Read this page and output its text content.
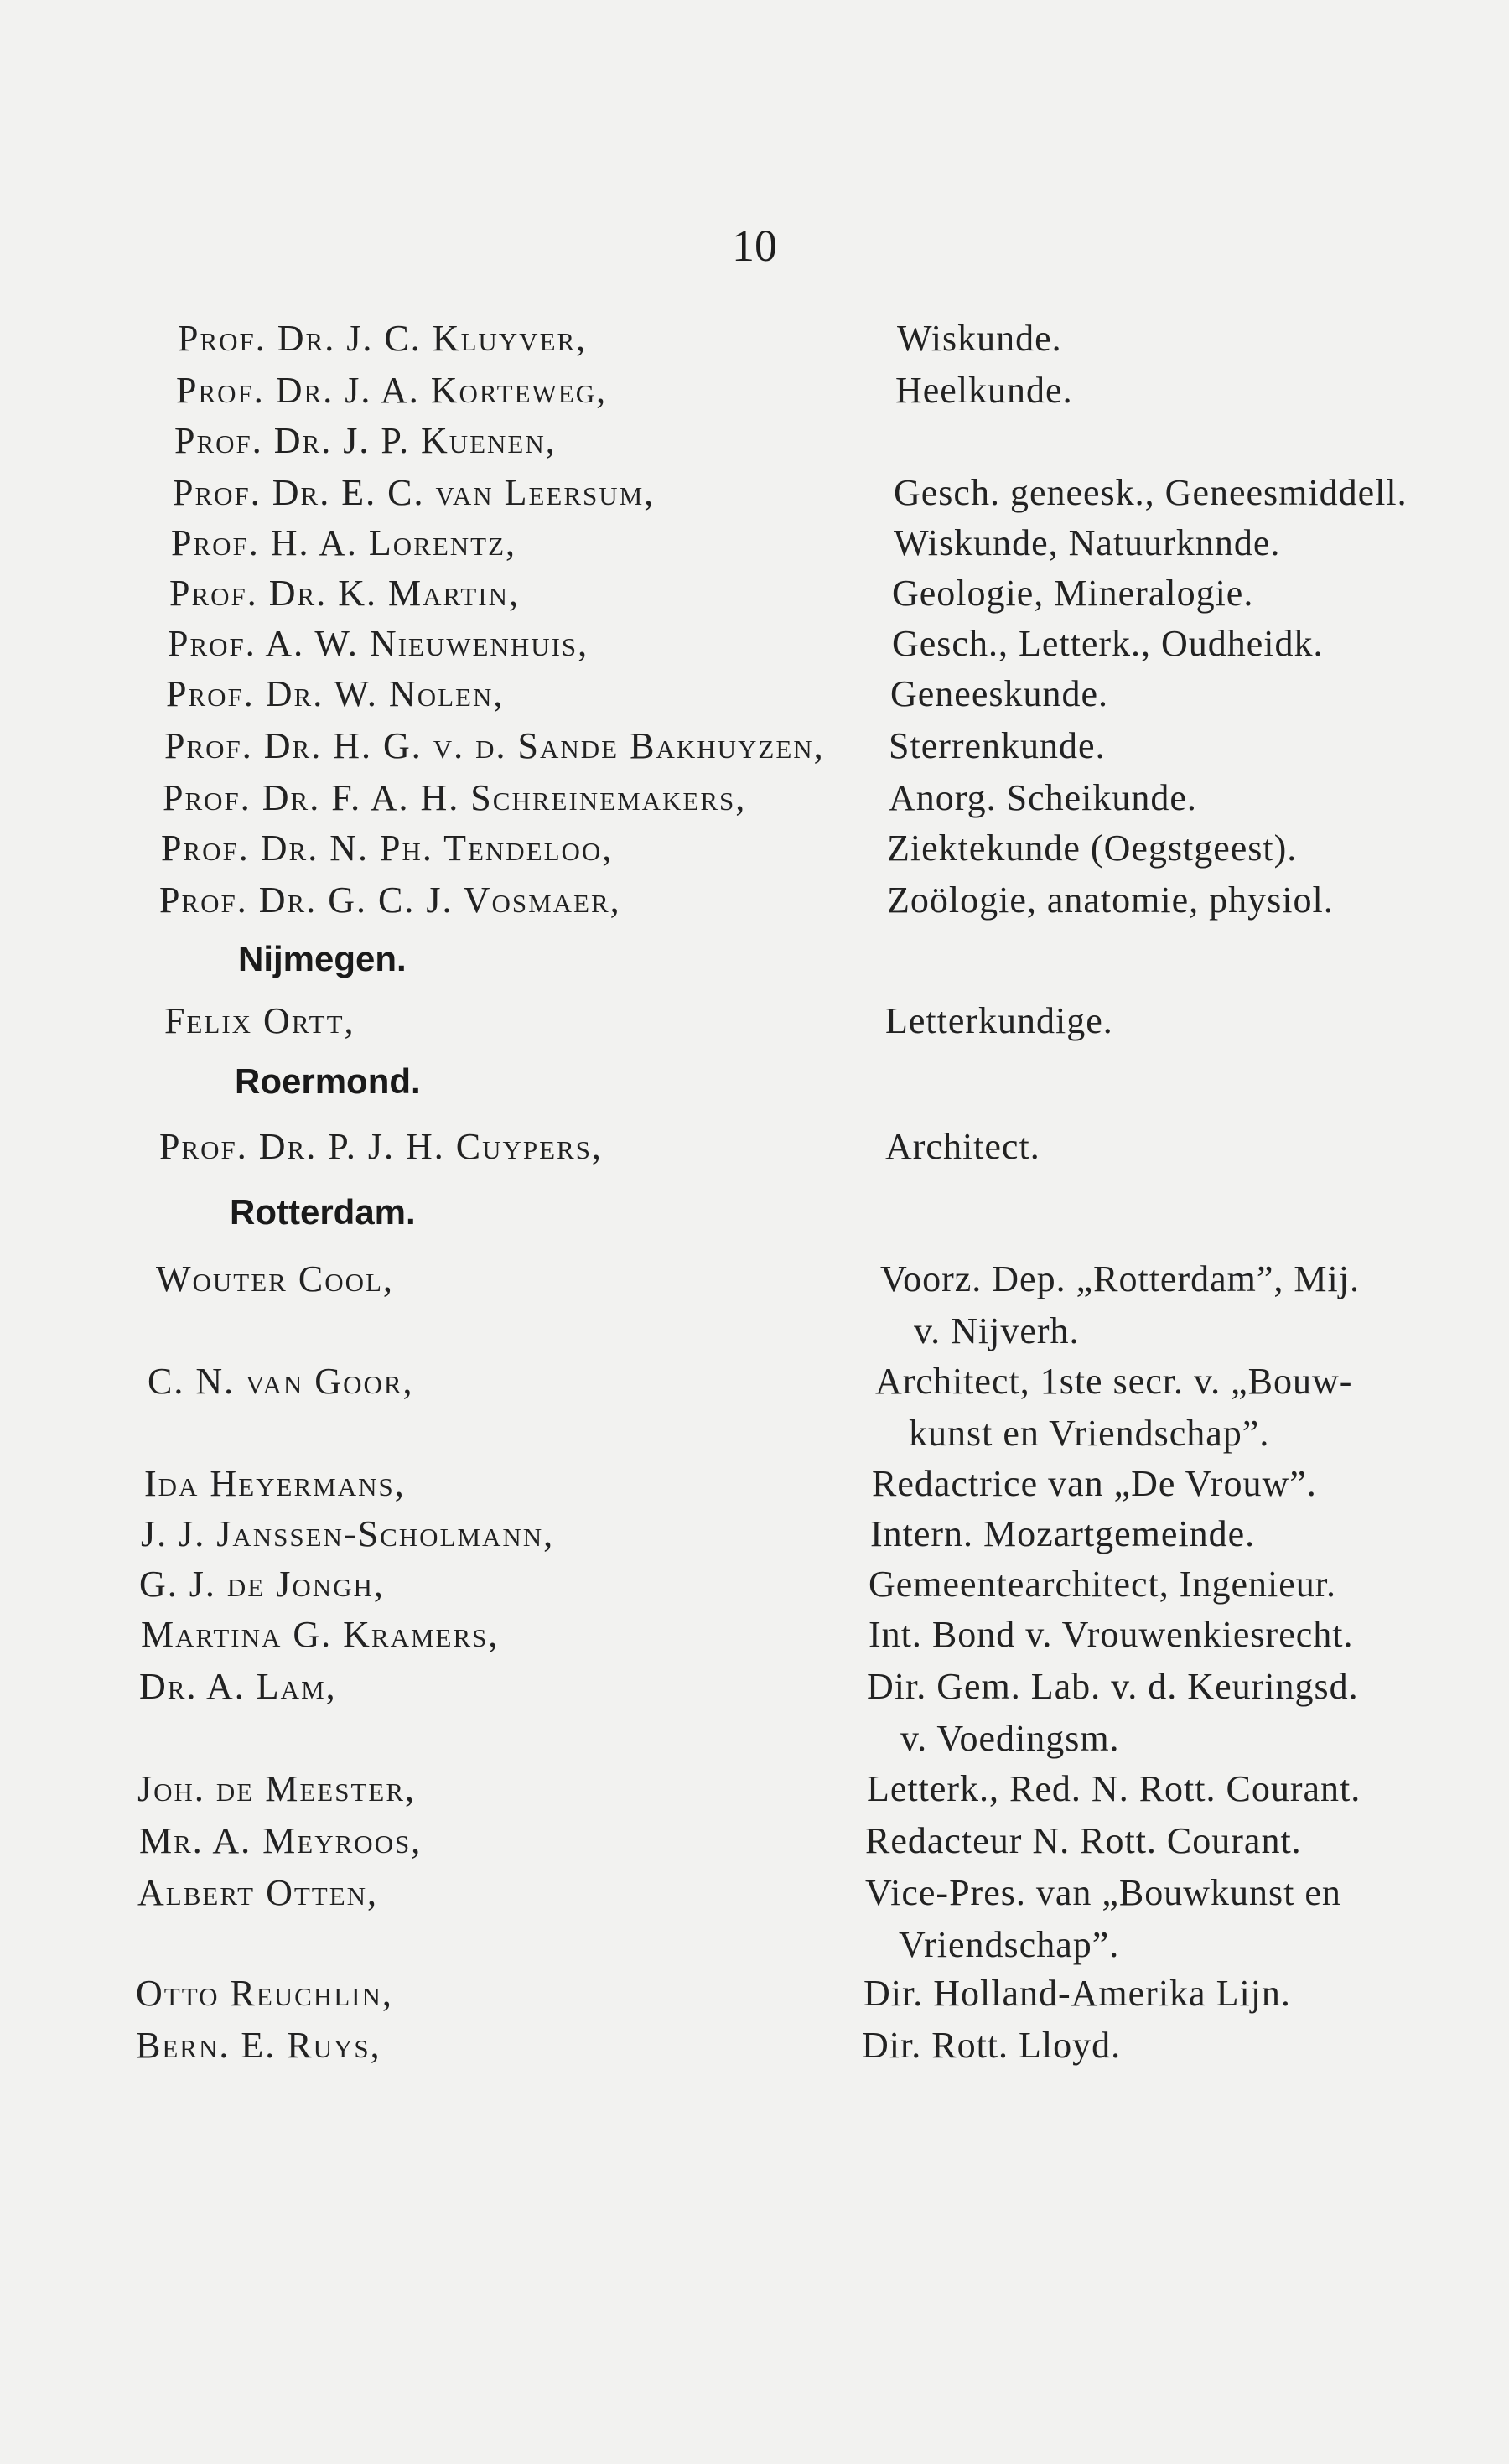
10
Prof. Dr. J. C. Kluyver,	Wiskunde.
Prof. Dr. J. A. Korteweg,	Heelkunde.
Prof. Dr. J. P. Kuenen,
Prof. Dr. E. C. van Leersum,	Gesch. geneesk., Geneesmiddell.
Prof. H. A. Lorentz,	Wiskunde, Natuurknnde.
Prof. Dr. K. Martin,	Geologie, Mineralogie.
Prof. A. W. Nieuwenhuis,	Gesch., Letterk., Oudheidk.
Prof. Dr. W. Nolen,	Geneeskunde.
Prof. Dr. H. G. v. d. Sande Bakhuyzen, Sterrenkunde.
Prof. Dr. F. A. H. Schreinemakers,	Anorg. Scheikunde.
Prof. Dr. N. Ph. Tendeloo,	Ziektekunde (Oegstgeest).
Prof. Dr. G. C. J. Vosmaer,	Zoölogie, anatomie, physiol.
Nijmegen.
Felix Ortt,	Letterkundige.
Roermond.
Prof. Dr. P. J. H. Cuypers,	Architect.
Rotterdam.
Wouter Cool,	Voorz. Dep. „Rotterdam”, Mij.
v. Nijverh.
C. N. van Goor,	Architect, 1ste secr. v. „Bouw-
kunst en Vriendschap”.
Ida Heyermans,	Redactrice van „De Vrouw”.
J. J. Janssen-Scholmann,	Intern. Mozartgemeinde.
G. J. de Jongh,	Gemeentearchitect, Ingenieur.
Martina G. Kramers,	Int. Bond v. Vrouwenkiesrecht.
Dr. A. Lam,	Dir. Gem. Lab. v. d. Keuringsd.
v. Voedingsm.
Joh. de Meester,	Letterk., Red. N. Rott. Courant.
Mr. A. Meyroos,	Redacteur N. Rott. Courant.
Albert Otten,	Vice-Pres. van „Bouwkunst en
Vriendschap”.
Otto Reuchlin,	Dir. Holland-Amerika Lijn.
Bern. E. Ruys,	Dir. Rott. Lloyd.
